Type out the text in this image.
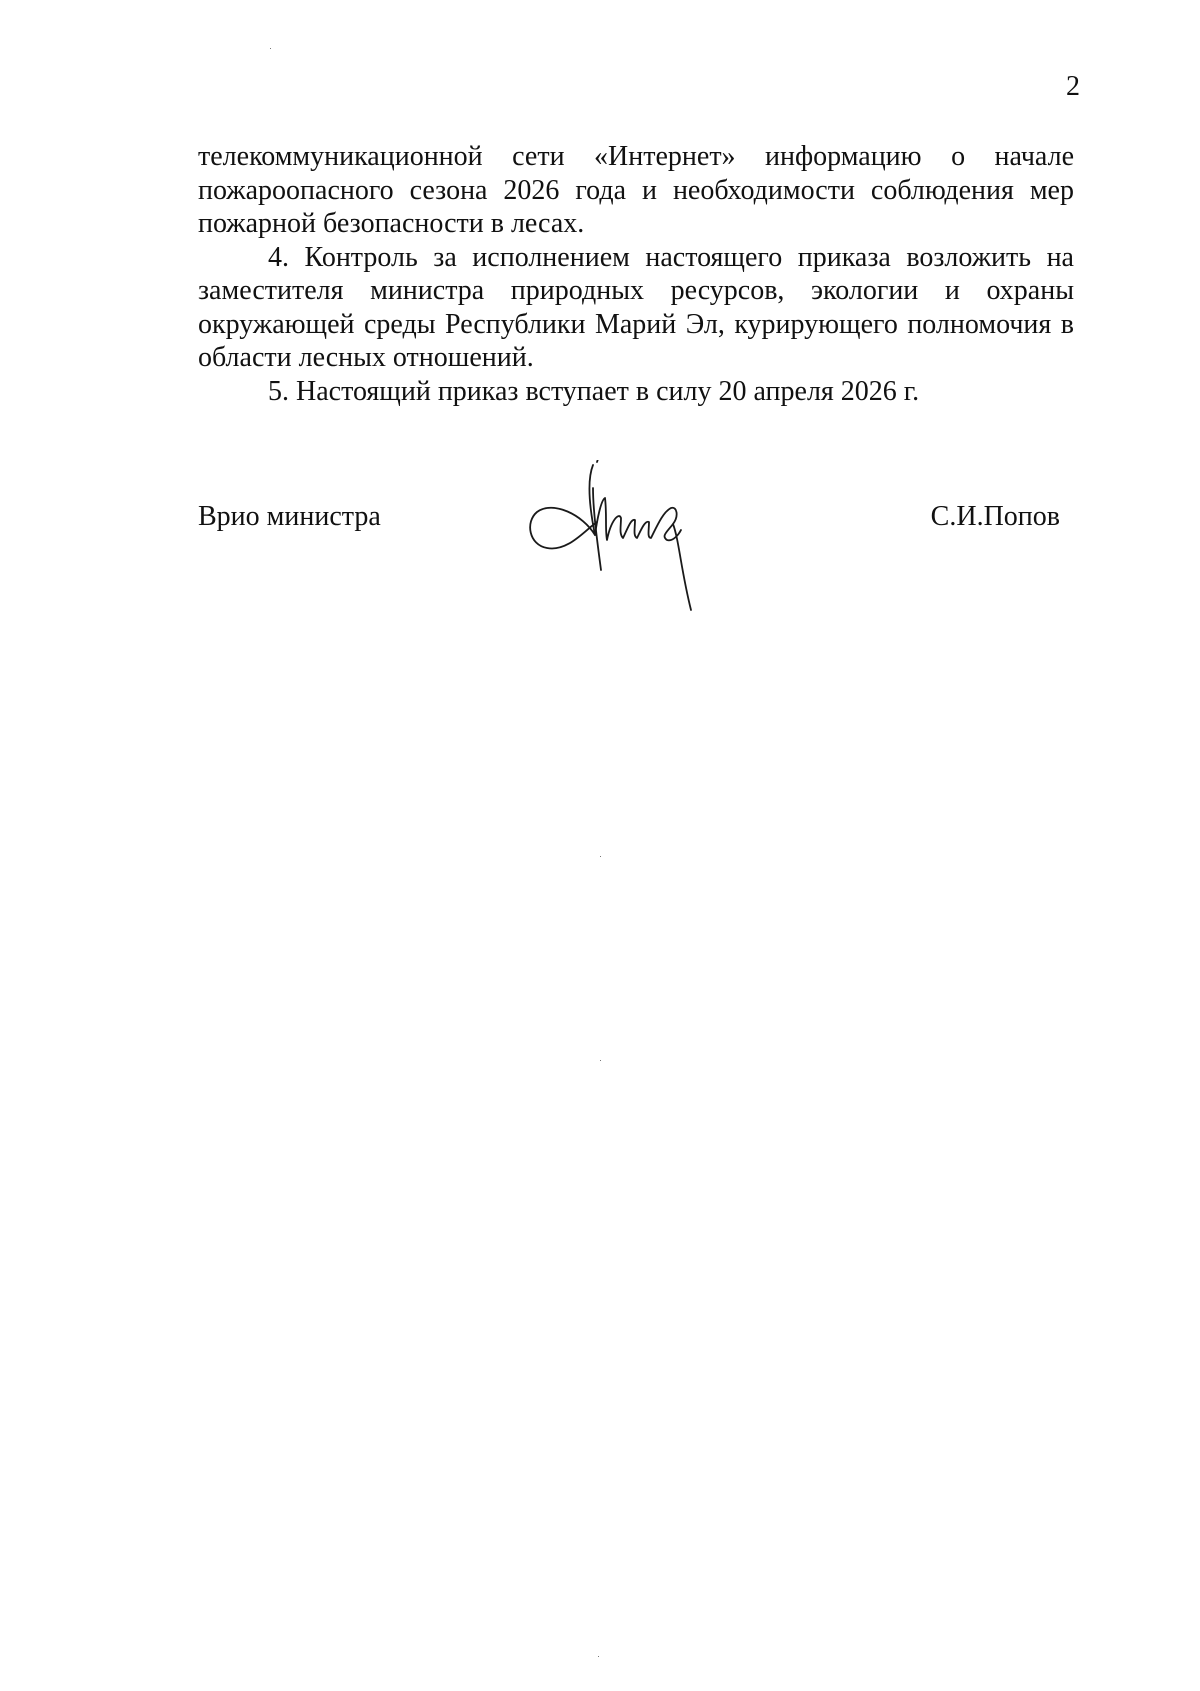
2

телекоммуникационной сети «Интернет» информацию о начале пожароопасного сезона 2026 года и необходимости соблюдения мер пожарной безопасности в лесах.

4. Контроль за исполнением настоящего приказа возложить на заместителя министра природных ресурсов, экологии и охраны окружающей среды Республики Марий Эл, курирующего полномочия в области лесных отношений.

5. Настоящий приказ вступает в силу 20 апреля 2026 г.

Врио министра	С.И.Попов
